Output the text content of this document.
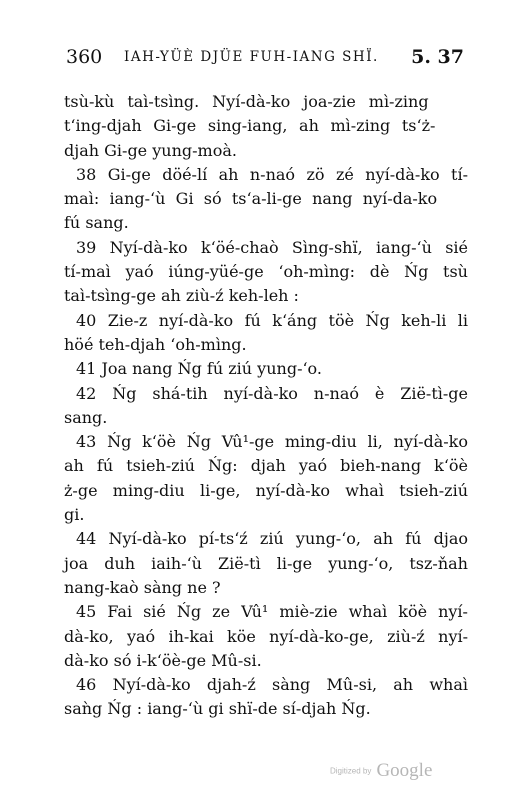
360 IAH-YÜÈ DJÜE FUH-IANG SHÏ. 5. 37
tsù-kù taì-tsìng. Nyí-dà-ko joa-zie mì-zing
t‘ing-djah Gi-ge sing-iang, ah mì-zing ts‘ż-
djah Gi-ge yung-moà.
38 Gi-ge döé-lí ah n-naó zö zé nyí-dà-ko tí-
maì: iang-‘ù Gi só ts‘a-li-ge nang nyí-da-ko
fú sang.
39 Nyí-dà-ko k‘öé-chaò Sìng-shï, iang-‘ù sié
tí-maì yaó iúng-yüé-ge ‘oh-mìng: dè Ńg tsù
taì-tsìng-ge ah ziù-ź keh-leh :
40 Zie-z nyí-dà-ko fú k‘áng töè Ńg keh-li li
höé teh-djah ‘oh-mìng.
41 Joa nang Ńg fú ziú yung-‘o.
42 Ńg shá-tih nyí-dà-ko n-naó è Zië-tì-ge
sang.
43 Ńg k‘öè Ńg Vû¹-ge ming-diu li, nyí-dà-ko
ah fú tsieh-ziú Ńg: djah yaó bieh-nang k‘öè
ż-ge ming-diu li-ge, nyí-dà-ko whaì tsieh-ziú
gi.
44 Nyí-dà-ko pí-ts‘ź ziú yung-‘o, ah fú djao
joa duh iaih-‘ù Zië-tì li-ge yung-‘o, tsz-ňah
nang-kaò sàng ne ?
45 Fai sié Ńg ze Vû¹ miè-zie whaì köè nyí-
dà-ko, yaó ih-kai köe nyí-dà-ko-ge, ziù-ź nyí-
dà-ko só i-k‘öè-ge Mû-si.
46 Nyí-dà-ko djah-ź sàng Mû-si, ah whaì
saǹg Ńg : iang-‘ù gi shï-de sí-djah Ńg.
Digitized by Google
